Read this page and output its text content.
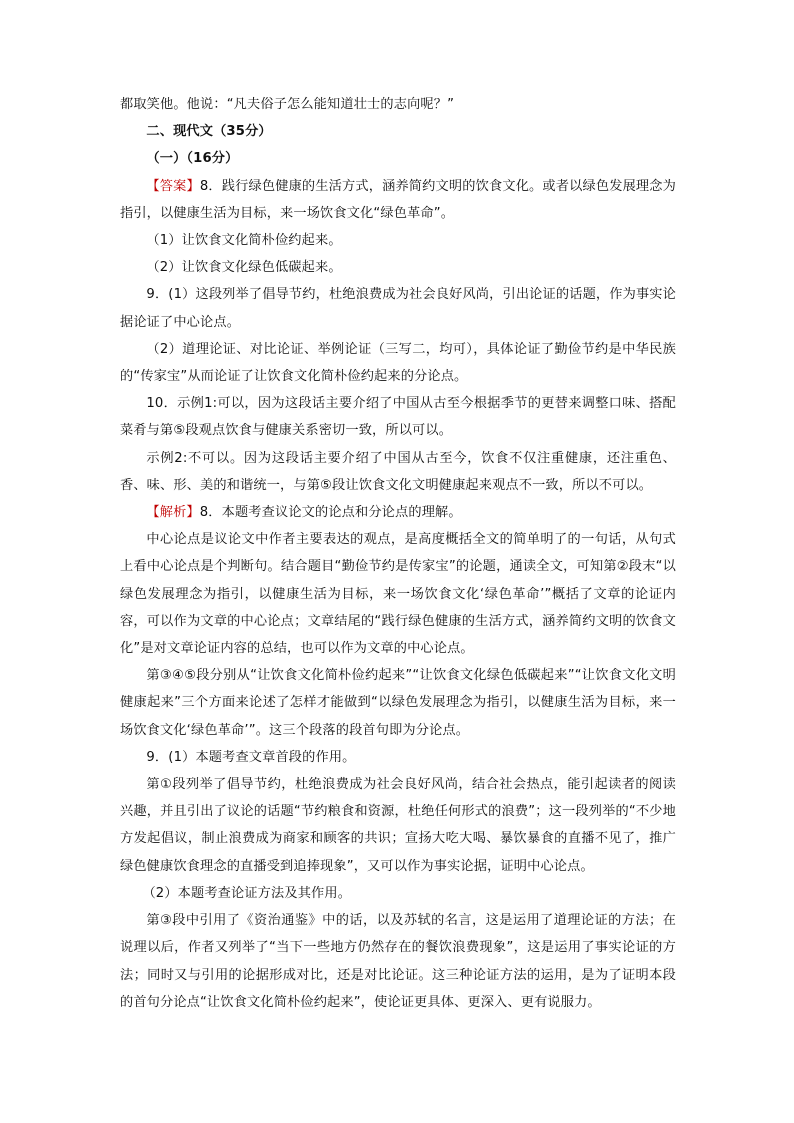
都取笑他。他说：“凡夫俗子怎么能知道壮士的志向呢？”

二、现代文（35分）

（一）（16分）

【答案】8．践行绿色健康的生活方式，涵养简约文明的饮食文化。或者以绿色发展理念为指引，以健康生活为目标，来一场饮食文化“绿色革命”。

（1）让饮食文化简朴俭约起来。

（2）让饮食文化绿色低碳起来。

9．(1）这段列举了倡导节约，杜绝浪费成为社会良好风尚，引出论证的话题，作为事实论据论证了中心论点。

（2）道理论证、对比论证、举例论证（三写二，均可），具体论证了勤俭节约是中华民族的“传家宝”从而论证了让饮食文化简朴俭约起来的分论点。

10．示例1:可以，因为这段话主要介绍了中国从古至今根据季节的更替来调整口味、搭配菜肴与第⑤段观点饮食与健康关系密切一致，所以可以。

示例2:不可以。因为这段话主要介绍了中国从古至今，饮食不仅注重健康，还注重色、香、味、形、美的和谐统一，与第⑤段让饮食文化文明健康起来观点不一致，所以不可以。

【解析】8．本题考查议论文的论点和分论点的理解。

中心论点是议论文中作者主要表达的观点，是高度概括全文的简单明了的一句话，从句式上看中心论点是个判断句。结合题目“勤俭节约是传家宝”的论题，通读全文，可知第②段末“以绿色发展理念为指引，以健康生活为目标，来一场饮食文化‘绿色革命’”概括了文章的论证内容，可以作为文章的中心论点；文章结尾的“践行绿色健康的生活方式，涵养简约文明的饮食文化”是对文章论证内容的总结，也可以作为文章的中心论点。

第③④⑤段分别从“让饮食文化简朴俭约起来”“让饮食文化绿色低碳起来”“让饮食文化文明健康起来”三个方面来论述了怎样才能做到“以绿色发展理念为指引，以健康生活为目标，来一场饮食文化‘绿色革命’”。这三个段落的段首句即为分论点。

9．(1）本题考查文章首段的作用。

第①段列举了倡导节约，杜绝浪费成为社会良好风尚，结合社会热点，能引起读者的阅读兴趣，并且引出了议论的话题“节约粮食和资源，杜绝任何形式的浪费”；这一段列举的“不少地方发起倡议，制止浪费成为商家和顾客的共识；宣扬大吃大喝、暴饮暴食的直播不见了，推广绿色健康饮食理念的直播受到追捧现象”，又可以作为事实论据，证明中心论点。

（2）本题考查论证方法及其作用。

第③段中引用了《资治通鉴》中的话，以及苏轼的名言，这是运用了道理论证的方法；在说理以后，作者又列举了“当下一些地方仍然存在的餐饮浪费现象”，这是运用了事实论证的方法；同时又与引用的论据形成对比，还是对比论证。这三种论证方法的运用，是为了证明本段的首句分论点“让饮食文化简朴俭约起来”，使论证更具体、更深入、更有说服力。
